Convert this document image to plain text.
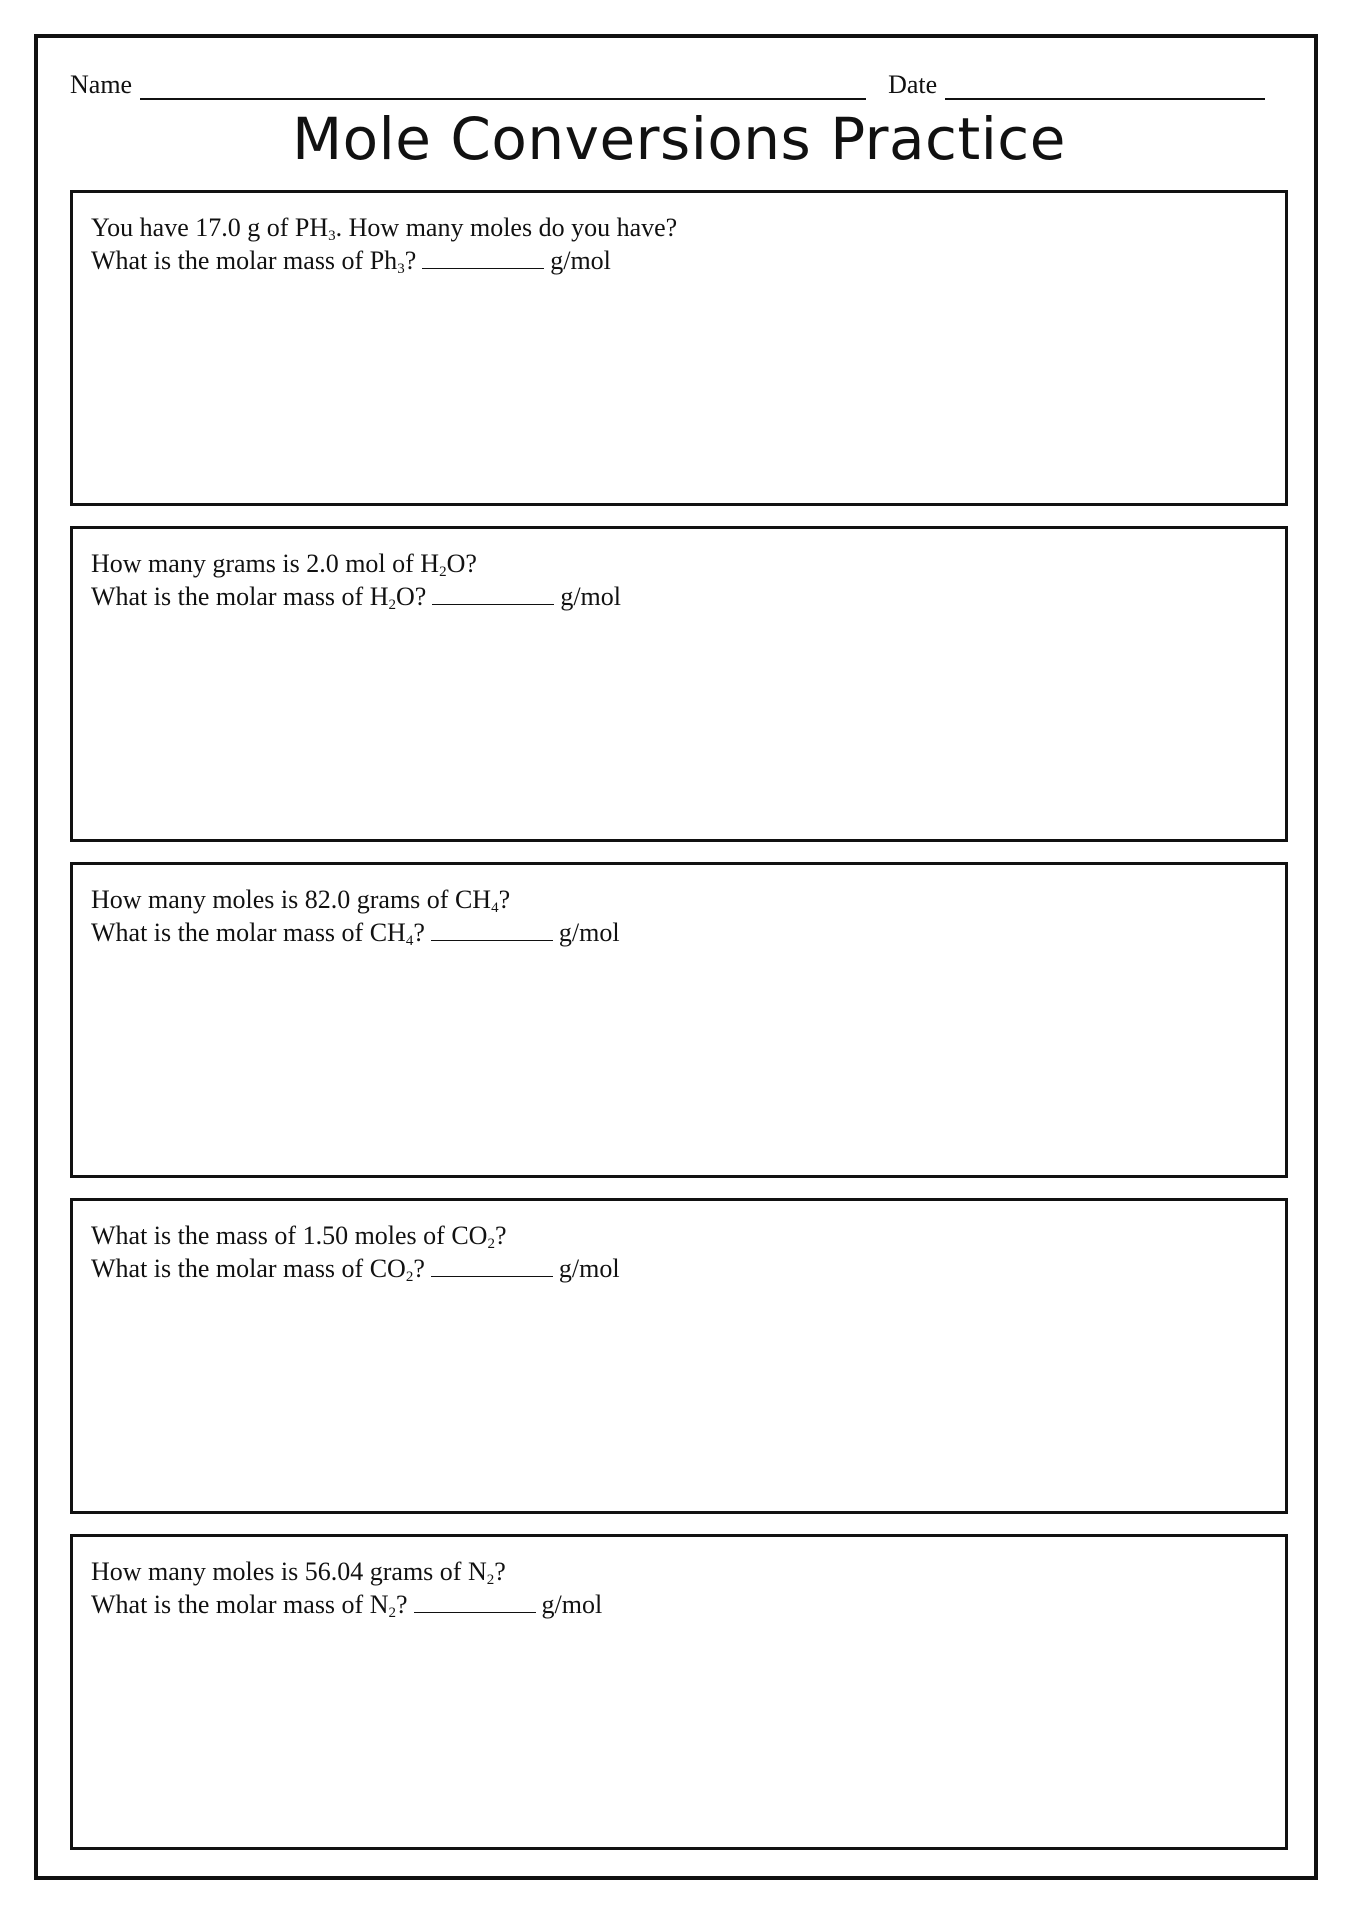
Name	Date
Mole Conversions Practice
You have 17.0 g of $PH_3$. How many moles do you have?
What is the molar mass of $Ph_3$?	g/mol
How many grams is 2.0 mol of $H_2O$?
What is the molar mass of $H_2O$?	g/mol
How many moles is 82.0 grams of $CH_4$?
What is the molar mass of $CH_4$?	g/mol
What is the mass of 1.50 moles of $CO_2$?
What is the molar mass of $CO_2$?	g/mol
How many moles is 56.04 grams of $N_2$?
What is the molar mass of $N_2$?	g/mol
